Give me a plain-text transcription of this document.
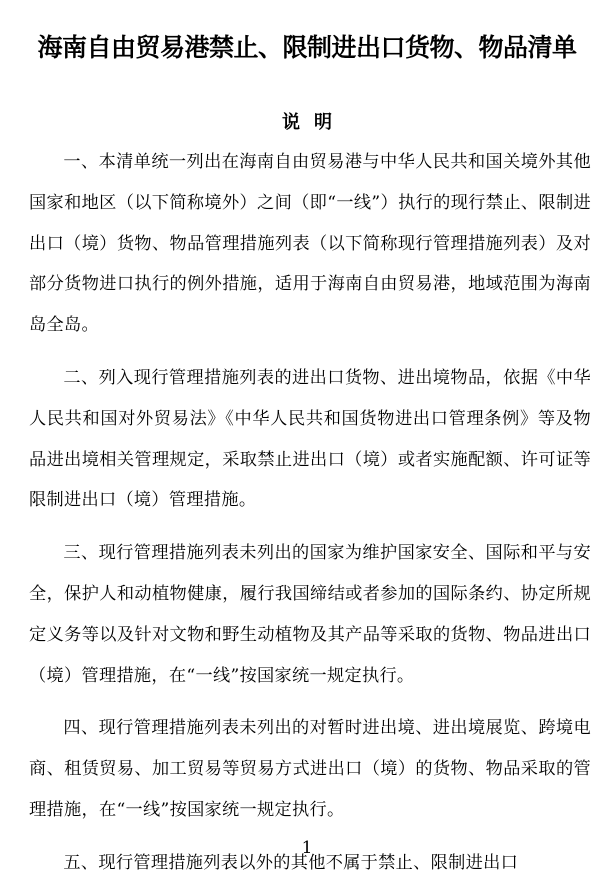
海南自由贸易港禁止、限制进出口货物、物品清单
说明

一、本清单统一列出在海南自由贸易港与中华人民共和国关境外其他国家和地区（以下简称境外）之间（即“一线”）执行的现行禁止、限制进出口（境）货物、物品管理措施列表（以下简称现行管理措施列表）及对部分货物进口执行的例外措施，适用于海南自由贸易港，地域范围为海南岛全岛。

二、列入现行管理措施列表的进出口货物、进出境物品，依据《中华人民共和国对外贸易法》《中华人民共和国货物进出口管理条例》等及物品进出境相关管理规定，采取禁止进出口（境）或者实施配额、许可证等限制进出口（境）管理措施。

三、现行管理措施列表未列出的国家为维护国家安全、国际和平与安全，保护人和动植物健康，履行我国缔结或者参加的国际条约、协定所规定义务等以及针对文物和野生动植物及其产品等采取的货物、物品进出口（境）管理措施，在“一线”按国家统一规定执行。

四、现行管理措施列表未列出的对暂时进出境、进出境展览、跨境电商、租赁贸易、加工贸易等贸易方式进出口（境）的货物、物品采取的管理措施，在“一线”按国家统一规定执行。

五、现行管理措施列表以外的其他不属于禁止、限制进出口

1
